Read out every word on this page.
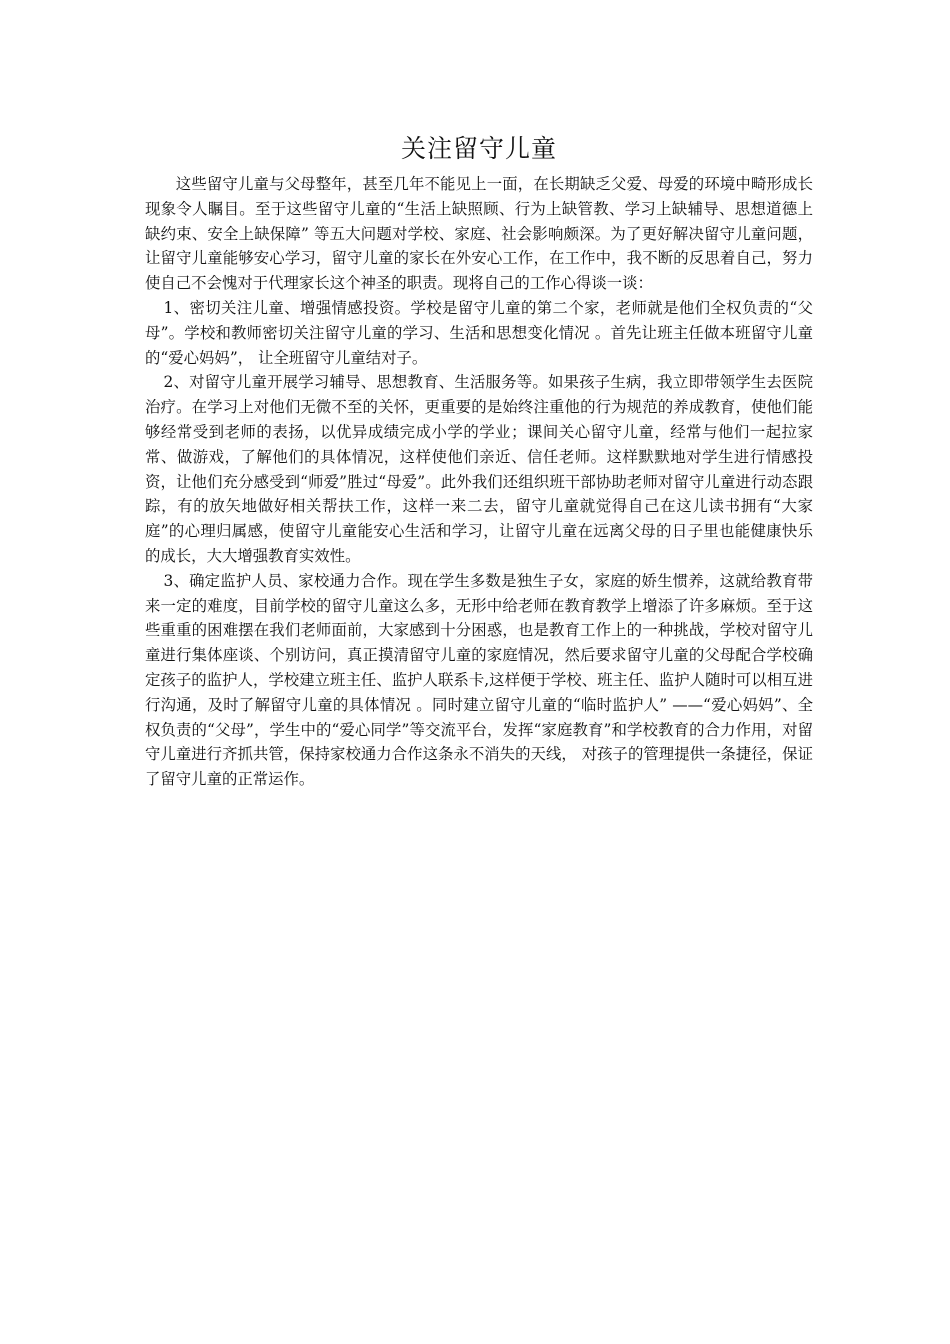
关注留守儿童

这些留守儿童与父母整年，甚至几年不能见上一面，在长期缺乏父爱、母爱的环境中畸形成长现象令人瞩目。至于这些留守儿童的“生活上缺照顾、行为上缺管教、学习上缺辅导、思想道德上缺约束、安全上缺保障” 等五大问题对学校、家庭、社会影响颇深。为了更好解决留守儿童问题，让留守儿童能够安心学习，留守儿童的家长在外安心工作，在工作中，我不断的反思着自己，努力使自己不会愧对于代理家长这个神圣的职责。现将自己的工作心得谈一谈：

1、密切关注儿童、增强情感投资。学校是留守儿童的第二个家，老师就是他们全权负责的“父母”。学校和教师密切关注留守儿童的学习、生活和思想变化情况 。首先让班主任做本班留守儿童的“爱心妈妈”， 让全班留守儿童结对子。

2、对留守儿童开展学习辅导、思想教育、生活服务等。如果孩子生病，我立即带领学生去医院治疗。在学习上对他们无微不至的关怀，更重要的是始终注重他的行为规范的养成教育，使他们能够经常受到老师的表扬，以优异成绩完成小学的学业；课间关心留守儿童，经常与他们一起拉家常、做游戏，了解他们的具体情况，这样使他们亲近、信任老师。这样默默地对学生进行情感投资，让他们充分感受到“师爱”胜过“母爱”。此外我们还组织班干部协助老师对留守儿童进行动态跟踪，有的放矢地做好相关帮扶工作，这样一来二去，留守儿童就觉得自己在这儿读书拥有“大家庭”的心理归属感，使留守儿童能安心生活和学习，让留守儿童在远离父母的日子里也能健康快乐的成长，大大增强教育实效性。

3、确定监护人员、家校通力合作。现在学生多数是独生子女，家庭的娇生惯养，这就给教育带来一定的难度，目前学校的留守儿童这么多，无形中给老师在教育教学上增添了许多麻烦。至于这些重重的困难摆在我们老师面前，大家感到十分困惑，也是教育工作上的一种挑战，学校对留守儿童进行集体座谈、个别访问，真正摸清留守儿童的家庭情况，然后要求留守儿童的父母配合学校确定孩子的监护人，学校建立班主任、监护人联系卡,这样便于学校、班主任、监护人随时可以相互进行沟通，及时了解留守儿童的具体情况 。同时建立留守儿童的“临时监护人” ——“爱心妈妈”、全权负责的“父母”，学生中的“爱心同学”等交流平台，发挥“家庭教育”和学校教育的合力作用，对留守儿童进行齐抓共管，保持家校通力合作这条永不消失的天线， 对孩子的管理提供一条捷径，保证了留守儿童的正常运作。
